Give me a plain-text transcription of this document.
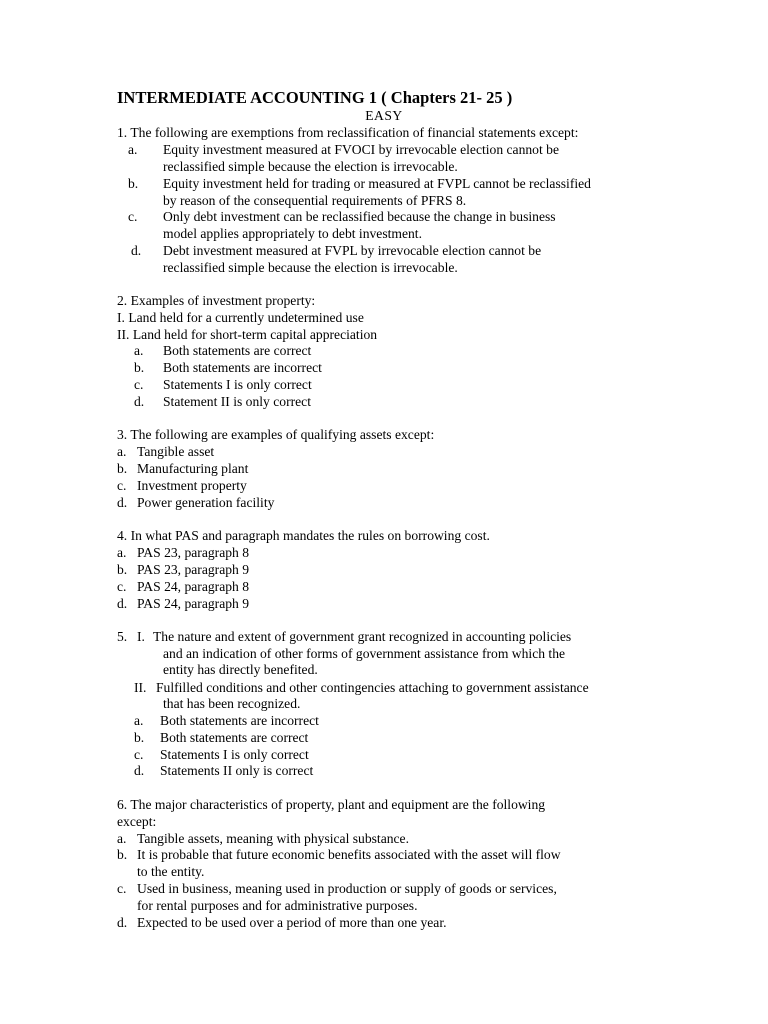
INTERMEDIATE ACCOUNTING 1 ( Chapters 21- 25 )
EASY
1. The following are exemptions from reclassification of financial statements except:
a. Equity investment measured at FVOCI by irrevocable election cannot be
reclassified simple because the election is irrevocable.
b. Equity investment held for trading or measured at FVPL cannot be reclassified
by reason of the consequential requirements of PFRS 8.
c. Only debt investment can be reclassified because the change in business
model applies appropriately to debt investment.
d. Debt investment measured at FVPL by irrevocable election cannot be
reclassified simple because the election is irrevocable.
2. Examples of investment property:
I. Land held for a currently undetermined use
II. Land held for short-term capital appreciation
a. Both statements are correct
b. Both statements are incorrect
c. Statements I is only correct
d. Statement II is only correct
3. The following are examples of qualifying assets except:
a. Tangible asset
b. Manufacturing plant
c. Investment property
d. Power generation facility
4. In what PAS and paragraph mandates the rules on borrowing cost.
a. PAS 23, paragraph 8
b. PAS 23, paragraph 9
c. PAS 24, paragraph 8
d. PAS 24, paragraph 9
5. I. The nature and extent of government grant recognized in accounting policies
and an indication of other forms of government assistance from which the
entity has directly benefited.
II. Fulfilled conditions and other contingencies attaching to government assistance
that has been recognized.
a. Both statements are incorrect
b. Both statements are correct
c. Statements I is only correct
d. Statements II only is correct
6. The major characteristics of property, plant and equipment are the following
except:
a. Tangible assets, meaning with physical substance.
b. It is probable that future economic benefits associated with the asset will flow
to the entity.
c. Used in business, meaning used in production or supply of goods or services,
for rental purposes and for administrative purposes.
d. Expected to be used over a period of more than one year.
